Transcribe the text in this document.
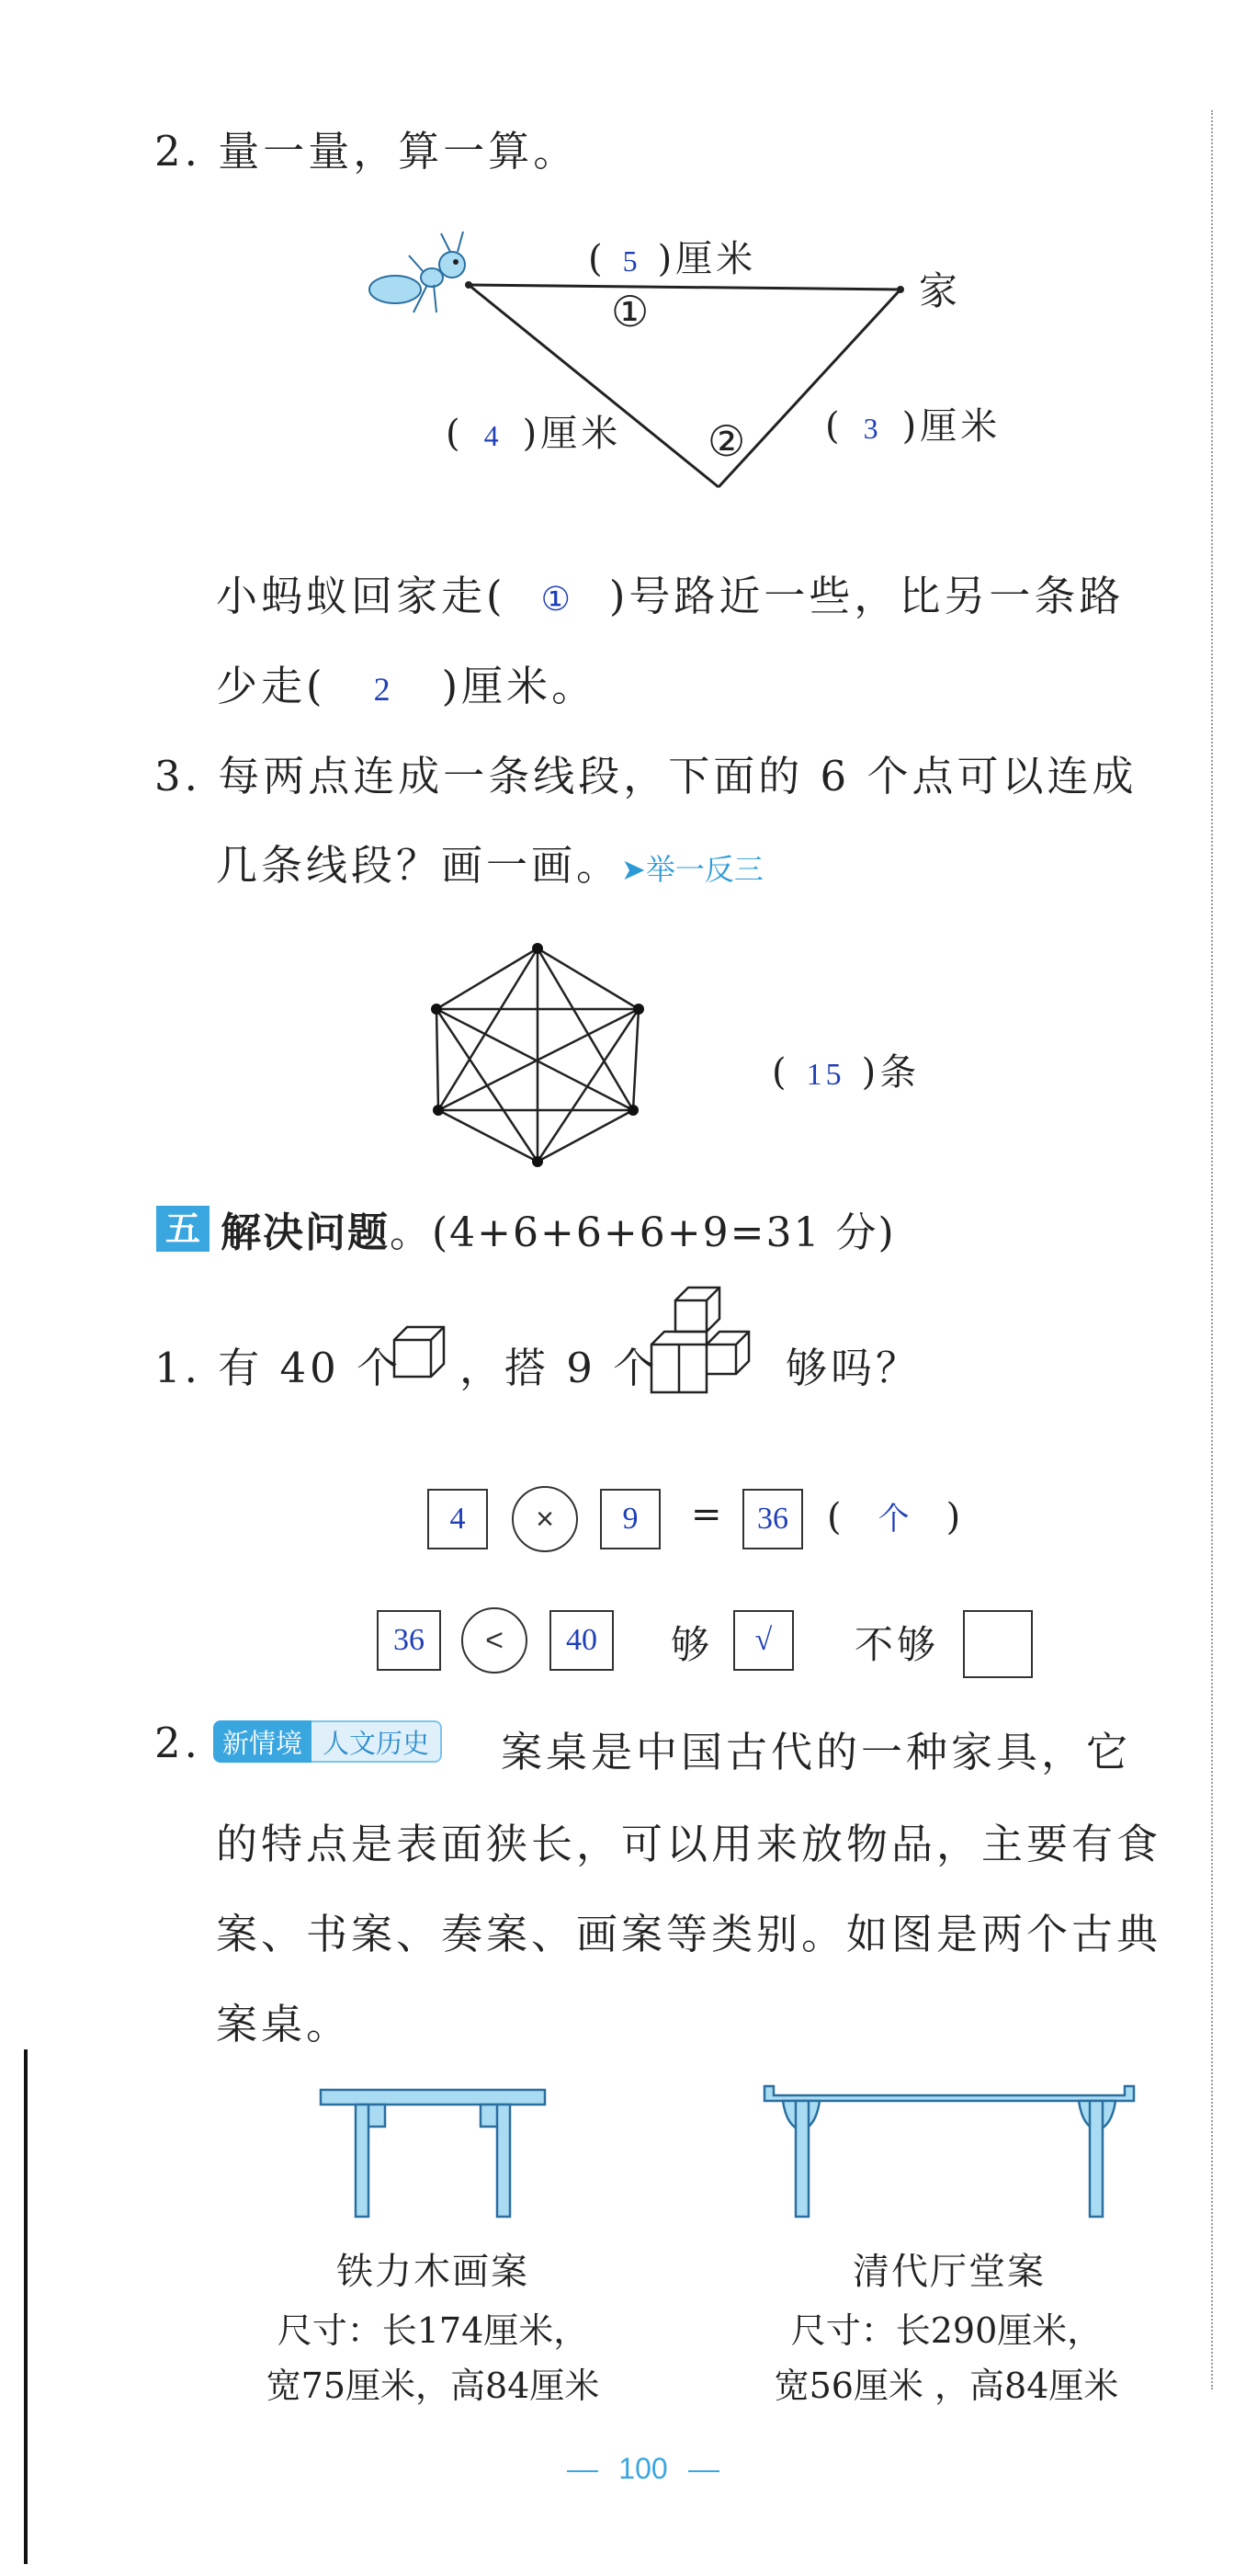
2. 量一量，算一算。
( 5 )厘米
①	家
( 4 )厘米 ② ( 3 )厘米
小蚂蚁回家走( ① )号路近一些，比另一条路
少走( 2 )厘米。
3. 每两点连成一条线段，下面的 6 个点可以连成
几条线段？画一画。➤举一反三
( 15 )条
五 解决问题。(4+6+6+6+9=31 分)
1. 有 40 个 ，搭 9 个	够吗？
4	×	9	=	36	( 个 )
36	<	40	够	√	不够
2. 新情境 人文历史	案桌是中国古代的一种家具，它
的特点是表面狭长，可以用来放物品，主要有食
案、书案、奏案、画案等类别。如图是两个古典
案桌。
铁力木画案
尺寸：长174厘米，
宽75厘米，高84厘米
清代厅堂案
尺寸：长290厘米，
宽56厘米 ，高84厘米
100
